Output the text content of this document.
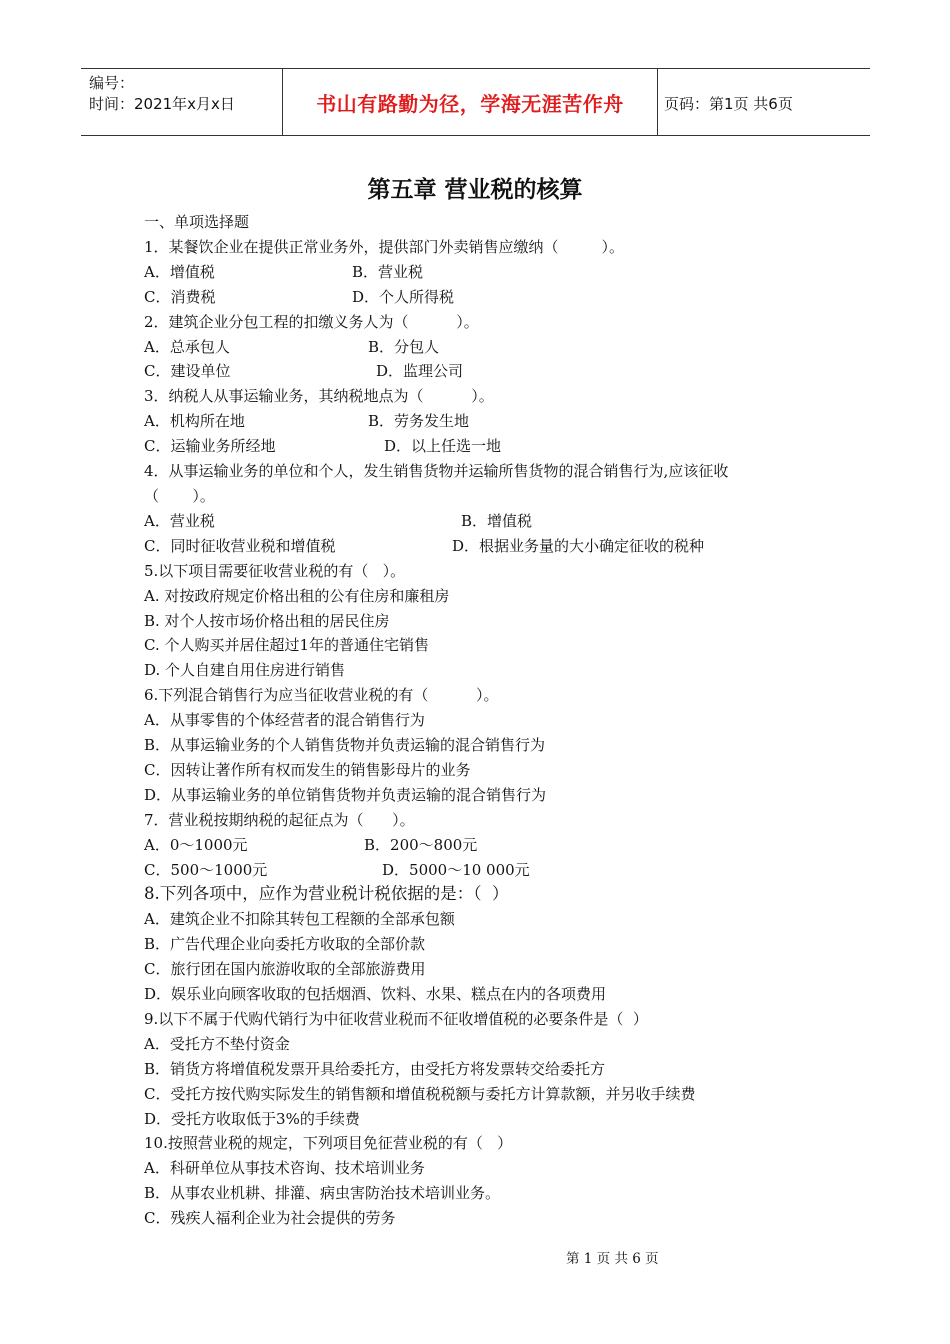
编号：
时间：2021年x月x日	书山有路勤为径，学海无涯苦作舟	页码：第1页 共6页
第五章 营业税的核算
一、单项选择题
1．某餐饮企业在提供正常业务外，提供部门外卖销售应缴纳（         ）。
A．增值税	B．营业税
C．消费税	D．个人所得税
2．建筑企业分包工程的扣缴义务人为（          ）。
A．总承包人	B．分包人
C．建设单位	D．监理公司
3．纳税人从事运输业务，其纳税地点为（          ）。
A．机构所在地	B．劳务发生地
C．运输业务所经地	D．以上任选一地
4．从事运输业务的单位和个人，发生销售货物并运输所售货物的混合销售行为,应该征收
（       ）。
A．营业税	B．增值税
C．同时征收营业税和增值税	D．根据业务量的大小确定征收的税种
5.以下项目需要征收营业税的有（   ）。
A. 对按政府规定价格出租的公有住房和廉租房
B. 对个人按市场价格出租的居民住房
C. 个人购买并居住超过1年的普通住宅销售
D. 个人自建自用住房进行销售
6.下列混合销售行为应当征收营业税的有（          ）。
A．从事零售的个体经营者的混合销售行为
B．从事运输业务的个人销售货物并负责运输的混合销售行为
C．因转让著作所有权而发生的销售影母片的业务
D．从事运输业务的单位销售货物并负责运输的混合销售行为
7．营业税按期纳税的起征点为（      ）。
A．0～1000元	B．200～800元
C．500～1000元	D．5000～10 000元
8.下列各项中，应作为营业税计税依据的是：（  ）
A．建筑企业不扣除其转包工程额的全部承包额
B．广告代理企业向委托方收取的全部价款
C．旅行团在国内旅游收取的全部旅游费用
D．娱乐业向顾客收取的包括烟酒、饮料、水果、糕点在内的各项费用
9.以下不属于代购代销行为中征收营业税而不征收增值税的必要条件是（  ）
A．受托方不垫付资金
B．销货方将增值税发票开具给委托方，由受托方将发票转交给委托方
C．受托方按代购实际发生的销售额和增值税税额与委托方计算款额，并另收手续费
D．受托方收取低于3%的手续费
10.按照营业税的规定，下列项目免征营业税的有（   ）
A．科研单位从事技术咨询、技术培训业务
B．从事农业机耕、排灌、病虫害防治技术培训业务。
C．残疾人福利企业为社会提供的劳务
第 1 页 共 6 页
